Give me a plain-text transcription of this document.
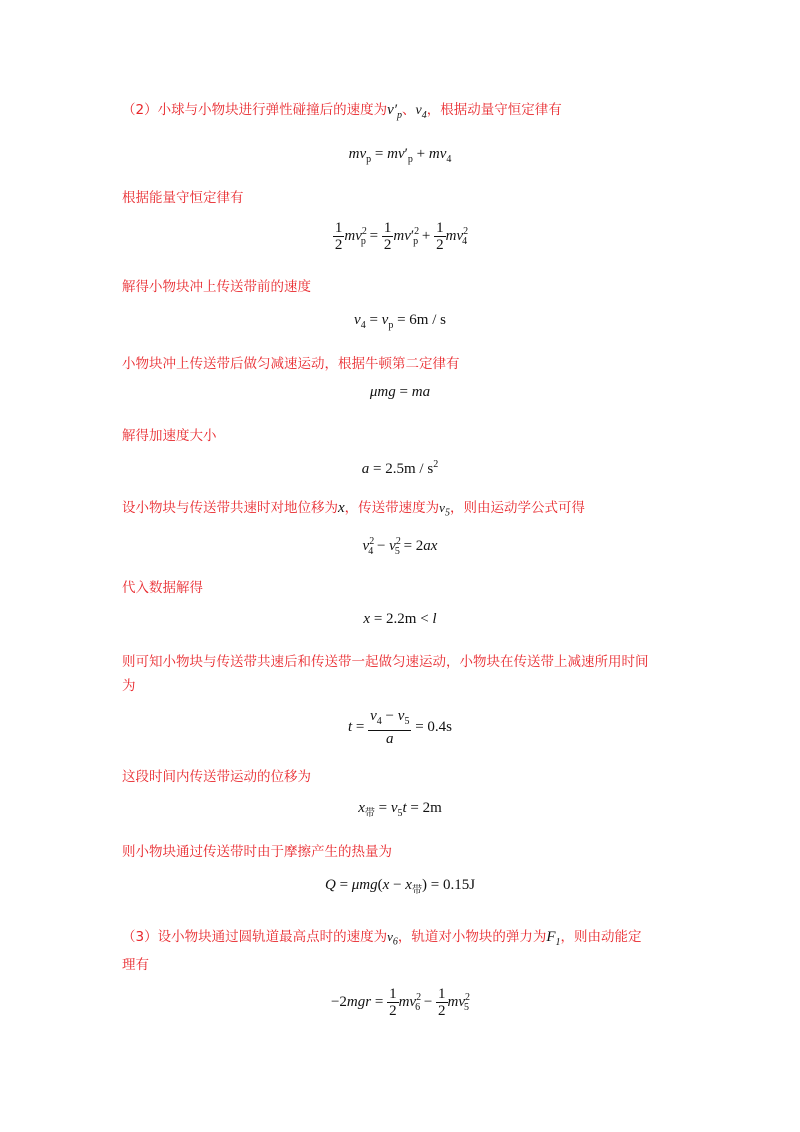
（2）小球与小物块进行弹性碰撞后的速度为$v'_p$、$v_4$，根据动量守恒定律有
$mv_p = mv'_p + mv_4$
根据能量守恒定律有
$\frac{1}{2} mv^2_p = \frac{1}{2} mv'^2_p + \frac{1}{2} mv^2_4$
解得小物块冲上传送带前的速度
$v_4 = v_p = 6m / s$
小物块冲上传送带后做匀减速运动，根据牛顿第二定律有
μmg = ma
解得加速度大小
$a = 2.5m / s^2$
设小物块与传送带共速时对地位移为x，传送带速度为$v_5$，则由运动学公式可得
$v^2_4 - v^2_5 = 2ax$
代入数据解得
x = 2.2m < l
则可知小物块与传送带共速后和传送带一起做匀速运动，小物块在传送带上减速所用时间
为
$t = \frac{v_4 - v_5}{a} = 0.4s$
这段时间内传送带运动的位移为
$x_带 = v_5t = 2m$
则小物块通过传送带时由于摩擦产生的热量为
$Q = \mu mg(x - x_带) = 0.15J$
（3）设小物块通过圆轨道最高点时的速度为$v_6$，轨道对小物块的弹力为$F_1$，则由动能定
理有
$-2mgr = \frac{1}{2} mv^2_6 - \frac{1}{2} mv^2_5$
